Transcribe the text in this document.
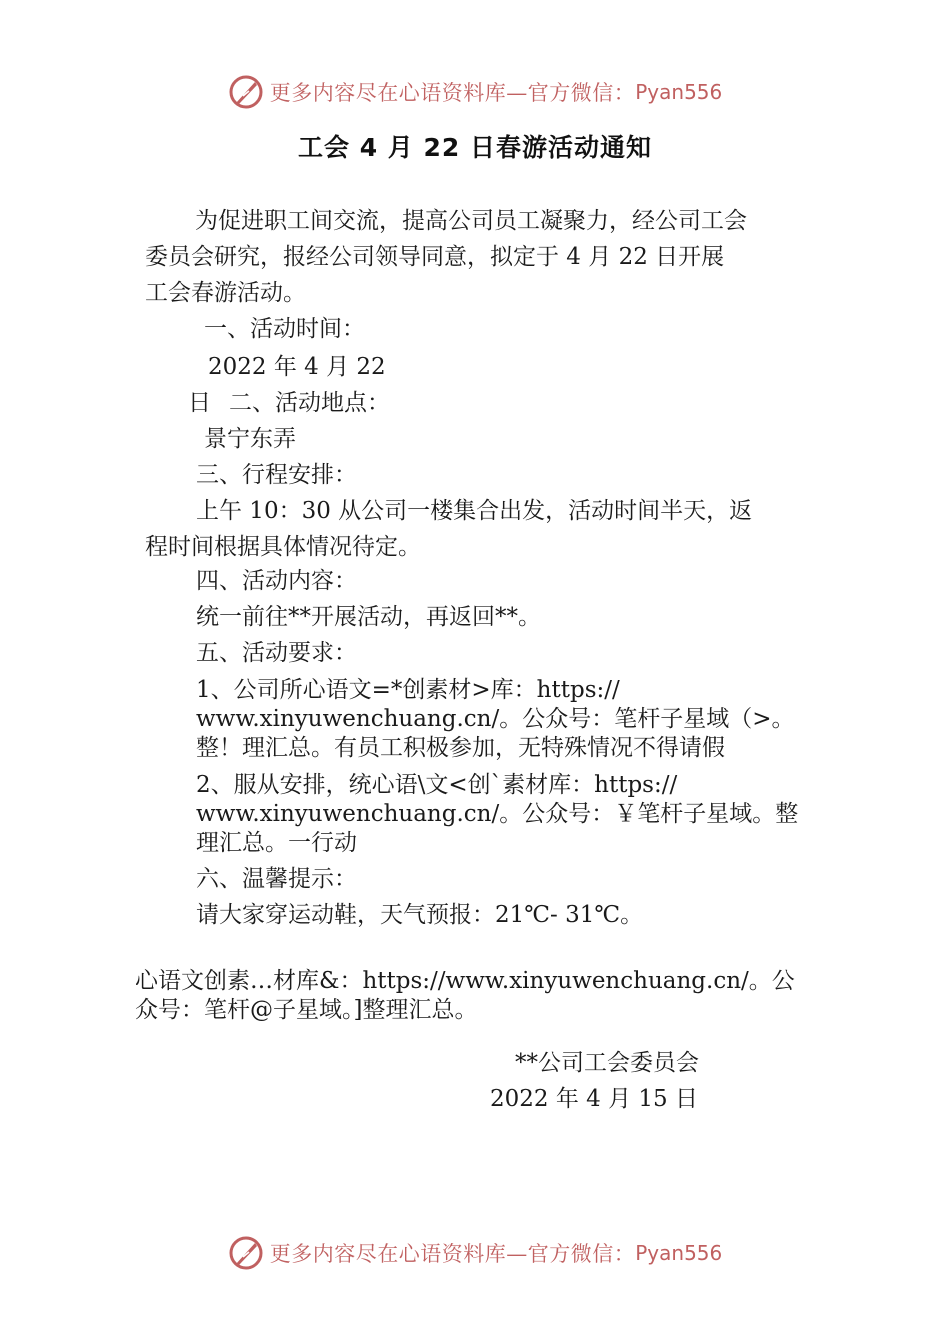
更多内容尽在心语资料库—官方微信： Pyan556
工会 4 月 22 日春游活动通知
为促进职工间交流，提高公司员工凝聚力，经公司工会
委员会研究，报经公司领导同意，拟定于 4 月 22 日开展
工会春游活动。
一、活动时间：
2022 年 4 月 22
日 二、活动地点：
景宁东弄
三、行程安排：
上午 10：30 从公司一楼集合出发，活动时间半天，返
程时间根据具体情况待定。
四、活动内容：
统一前往**开展活动，再返回**。
五、活动要求：
1、公司所心语文=*创素材>库：https://
www.xinyuwenchuang.cn/。公众号：笔杆子星域（>。
整！理汇总。有员工积极参加，无特殊情况不得请假
2、服从安排，统心语\文<创`素材库：https://
www.xinyuwenchuang.cn/。公众号：￥笔杆子星域。整
理汇总。一行动
六、温馨提示：
请大家穿运动鞋，天气预报：21℃- 31℃。
心语文创素…材库&：https://www.xinyuwenchuang.cn/。公
众号：笔杆@子星域。]整理汇总。
**公司工会委员会
2022 年 4 月 15 日
更多内容尽在心语资料库—官方微信： Pyan556
